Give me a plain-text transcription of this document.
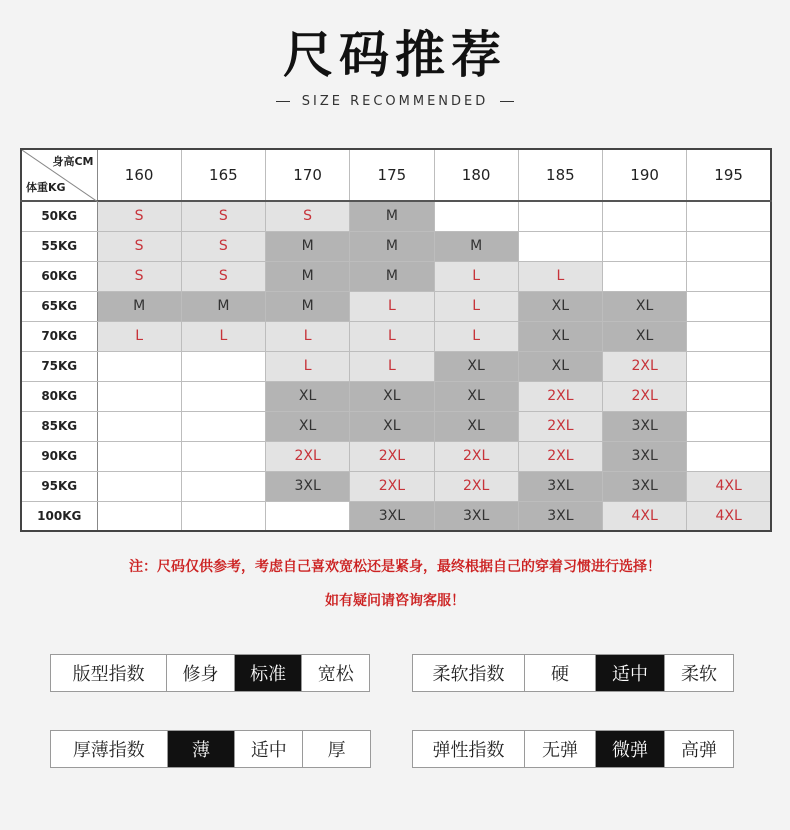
尺码推荐
SIZE RECOMMENDED
身高CM
体重KG	160	165	170	175	180	185	190	195
50KG	S	S	S	M				
55KG	S	S	M	M	M			
60KG	S	S	M	M	L	L		
65KG	M	M	M	L	L	XL	XL	
70KG	L	L	L	L	L	XL	XL	
75KG			L	L	XL	XL	2XL	
80KG			XL	XL	XL	2XL	2XL	
85KG			XL	XL	XL	2XL	3XL	
90KG			2XL	2XL	2XL	2XL	3XL	
95KG			3XL	2XL	2XL	3XL	3XL	4XL
100KG				3XL	3XL	3XL	4XL	4XL
注：尺码仅供参考，考虑自己喜欢宽松还是紧身，最终根据自己的穿着习惯进行选择！
如有疑问请咨询客服！
版型指数	修身	标准	宽松	柔软指数	硬	适中	柔软
厚薄指数	薄	适中	厚	弹性指数	无弹	微弹	高弹
